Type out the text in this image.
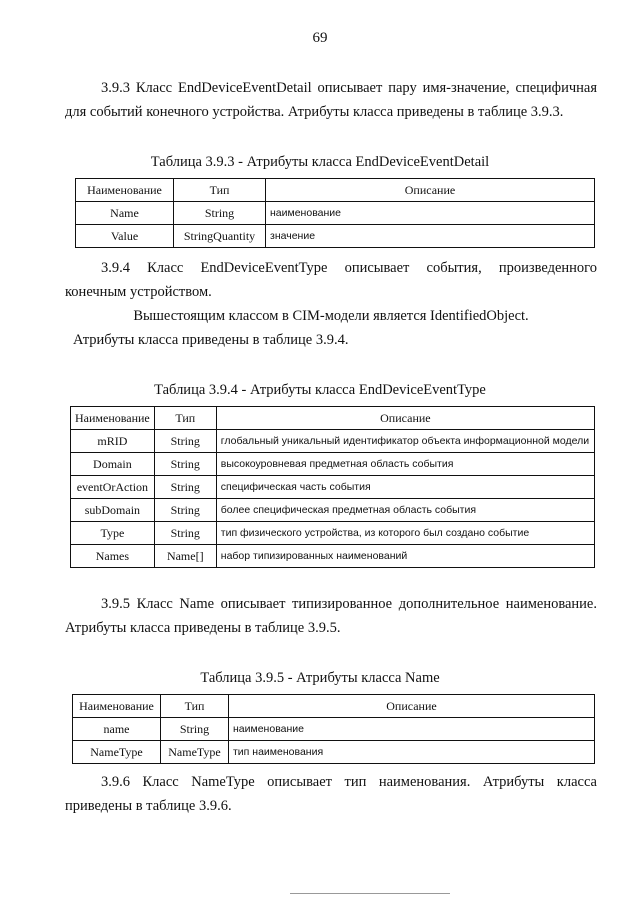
69
3.9.3 Класс EndDeviceEventDetail описывает пару имя-значение, специфичная
для событий конечного устройства. Атрибуты класса приведены в таблице 3.9.3.
Таблица 3.9.3 - Атрибуты класса EndDeviceEventDetail
Наименование	Тип	Описание
Name	String	наименование
Value	StringQuantity	значение
3.9.4 Класс EndDeviceEventType описывает события, произведенного
конечным устройством.
Вышестоящим классом в CIM-модели является IdentifiedObject.
Атрибуты класса приведены в таблице 3.9.4.
Таблица 3.9.4 - Атрибуты класса EndDeviceEventType
Наименование	Тип	Описание
mRID	String	глобальный уникальный идентификатор объекта информационной модели
Domain	String	высокоуровневая предметная область события
eventOrAction	String	специфическая часть события
subDomain	String	более специфическая предметная область события
Type	String	тип физического устройства, из которого был создано событие
Names	Name[]	набор типизированных наименований
3.9.5 Класс Name описывает типизированное дополнительное наименование.
Атрибуты класса приведены в таблице 3.9.5.
Таблица 3.9.5 - Атрибуты класса Name
Наименование	Тип	Описание
name	String	наименование
NameType	NameType	тип наименования
3.9.6 Класс NameType описывает тип наименования. Атрибуты класса
приведены в таблице 3.9.6.
